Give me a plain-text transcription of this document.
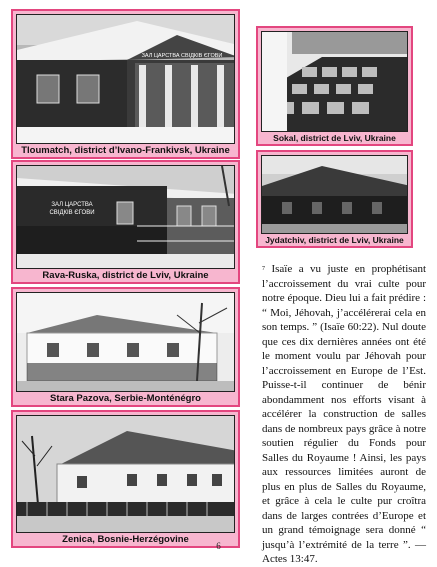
ЗАЛ ЦАРСТВА СВІДКІВ ЄГОВИ
Tloumatch, district d’Ivano-Frankivsk, Ukraine
ЗАЛ ЦАРСТВА
СВІДКІВ ЄГОВИ
Rava-Ruska, district de Lviv, Ukraine
Stara Pazova, Serbie-Monténégro
Zenica, Bosnie-Herzégovine
Sokal, district de Lviv, Ukraine
Jydatchiv, district de Lviv, Ukraine
$^7$ Isaïe a vu juste en prophétisant l’accroissement du vrai culte pour notre époque. Dieu lui a fait prédire : “ Moi, Jéhovah, j’accélérerai cela en son temps. ” (Isaïe 60:22). Nul doute que ces dix dernières années ont été le moment voulu par Jéhovah pour l’accroissement en Europe de l’Est. Puisse-t-il continuer de bénir abondamment nos efforts visant à accélérer la construction de salles dans de nombreux pays grâce à notre soutien régulier du Fonds pour Salles du Royaume ! Ainsi, les pays aux ressources limitées auront de plus en plus de Salles du Royaume, et grâce à cela le culte pur croîtra dans de larges contrées d’Europe et un grand témoignage sera donné “ jusqu’à l’extrémité de la terre ”. — Actes 13:47.
6
